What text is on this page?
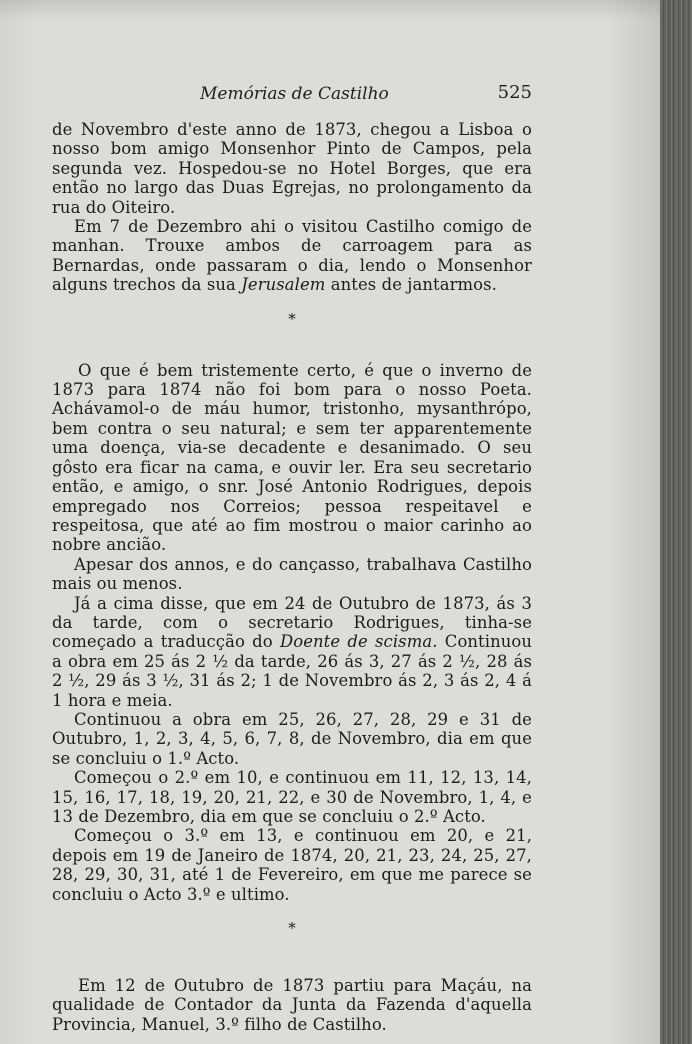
Memórias de Castilho	525

de Novembro d'este anno de 1873, chegou a Lisboa o nosso bom amigo Monsenhor Pinto de Campos, pela segunda vez. Hospedou-se no Hotel Borges, que era então no largo das Duas Egrejas, no prolongamento da rua do Oiteiro.

Em 7 de Dezembro ahi o visitou Castilho comigo de manhan. Trouxe ambos de carroagem para as Bernardas, onde passaram o dia, lendo o Monsenhor alguns trechos da sua Jerusalem antes de jantarmos.

*

O que é bem tristemente certo, é que o inverno de 1873 para 1874 não foi bom para o nosso Poeta. Achávamol-o de máu humor, tristonho, mysanthrópo, bem contra o seu natural; e sem ter apparentemente uma doença, via-se decadente e desanimado. O seu gôsto era ficar na cama, e ouvir ler. Era seu secretario então, e amigo, o snr. José Antonio Rodrigues, depois empregado nos Correios; pessoa respeitavel e respeitosa, que até ao fim mostrou o maior carinho ao nobre ancião.

Apesar dos annos, e do cançasso, trabalhava Castilho mais ou menos.

Já a cima disse, que em 24 de Outubro de 1873, ás 3 da tarde, com o secretario Rodrigues, tinha-se começado a traducção do Doente de scisma. Continuou a obra em 25 ás 2 ½ da tarde, 26 ás 3, 27 ás 2 ½, 28 ás 2 ½, 29 ás 3 ½, 31 ás 2; 1 de Novembro ás 2, 3 ás 2, 4 á 1 hora e meia.

Continuou a obra em 25, 26, 27, 28, 29 e 31 de Outubro, 1, 2, 3, 4, 5, 6, 7, 8, de Novembro, dia em que se concluiu o 1.º Acto.

Começou o 2.º em 10, e continuou em 11, 12, 13, 14, 15, 16, 17, 18, 19, 20, 21, 22, e 30 de Novembro, 1, 4, e 13 de Dezembro, dia em que se concluiu o 2.º Acto.

Começou o 3.º em 13, e continuou em 20, e 21, depois em 19 de Janeiro de 1874, 20, 21, 23, 24, 25, 27, 28, 29, 30, 31, até 1 de Fevereiro, em que me parece se concluiu o Acto 3.º e ultimo.

*

Em 12 de Outubro de 1873 partiu para Maçáu, na qualidade de Contador da Junta da Fazenda d'aquella Provincia, Manuel, 3.º filho de Castilho.
